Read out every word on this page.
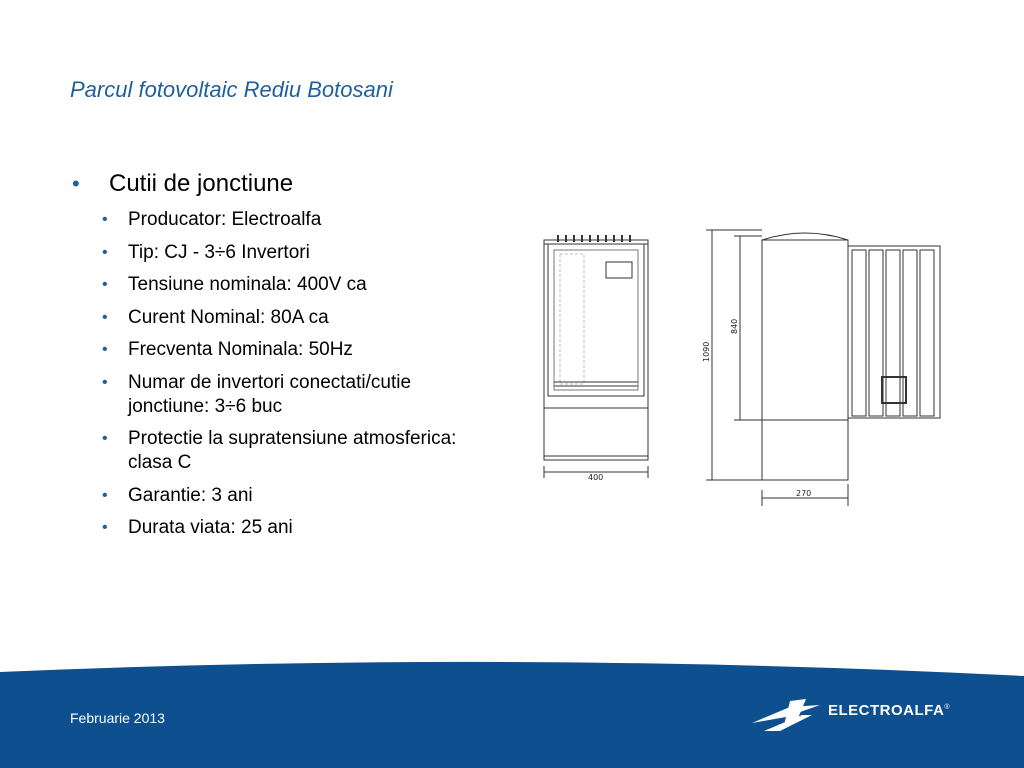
Parcul fotovoltaic Rediu Botosani
•	Cutii de jonctiune
• Producator: Electroalfa
• Tip: CJ - 3÷6 Invertori
• Tensiune nominala: 400V ca
• Curent Nominal: 80A ca
• Frecventa Nominala: 50Hz
• Numar de invertori conectati/cutie jonctiune: 3÷6 buc
• Protectie la supratensiune atmosferica: clasa C
• Garantie: 3 ani
• Durata viata: 25 ani
400
270
1090
840
Februarie 2013	ELECTROALFA®
